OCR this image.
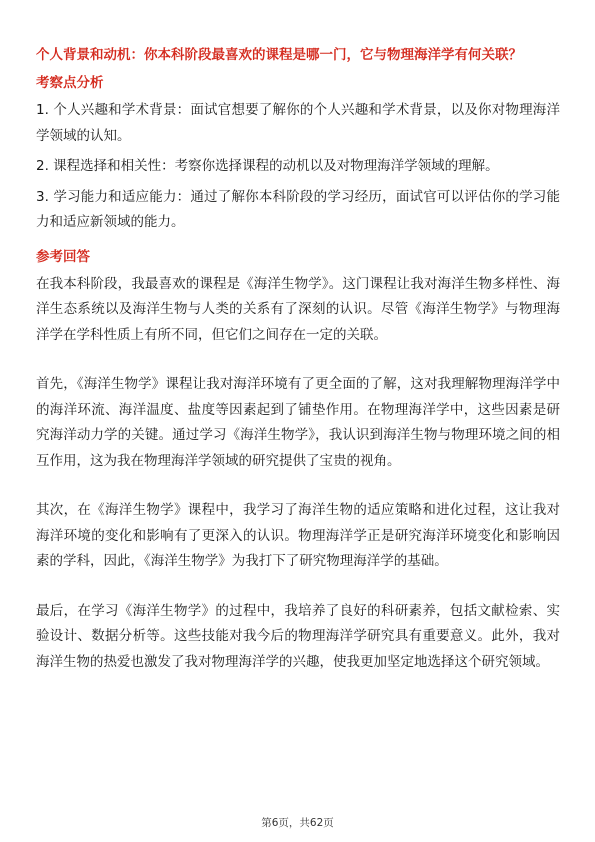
个人背景和动机：你本科阶段最喜欢的课程是哪一门，它与物理海洋学有何关联？

考察点分析

1. 个人兴趣和学术背景：面试官想要了解你的个人兴趣和学术背景，以及你对物理海洋学领域的认知。

2. 课程选择和相关性：考察你选择课程的动机以及对物理海洋学领域的理解。

3. 学习能力和适应能力：通过了解你本科阶段的学习经历，面试官可以评估你的学习能力和适应新领域的能力。

参考回答

在我本科阶段，我最喜欢的课程是《海洋生物学》。这门课程让我对海洋生物多样性、海洋生态系统以及海洋生物与人类的关系有了深刻的认识。尽管《海洋生物学》与物理海洋学在学科性质上有所不同，但它们之间存在一定的关联。

首先，《海洋生物学》课程让我对海洋环境有了更全面的了解，这对我理解物理海洋学中的海洋环流、海洋温度、盐度等因素起到了铺垫作用。在物理海洋学中，这些因素是研究海洋动力学的关键。通过学习《海洋生物学》，我认识到海洋生物与物理环境之间的相互作用，这为我在物理海洋学领域的研究提供了宝贵的视角。

其次，在《海洋生物学》课程中，我学习了海洋生物的适应策略和进化过程，这让我对海洋环境的变化和影响有了更深入的认识。物理海洋学正是研究海洋环境变化和影响因素的学科，因此，《海洋生物学》为我打下了研究物理海洋学的基础。

最后，在学习《海洋生物学》的过程中，我培养了良好的科研素养，包括文献检索、实验设计、数据分析等。这些技能对我今后的物理海洋学研究具有重要意义。此外，我对海洋生物的热爱也激发了我对物理海洋学的兴趣，使我更加坚定地选择这个研究领域。

第6页，共62页
